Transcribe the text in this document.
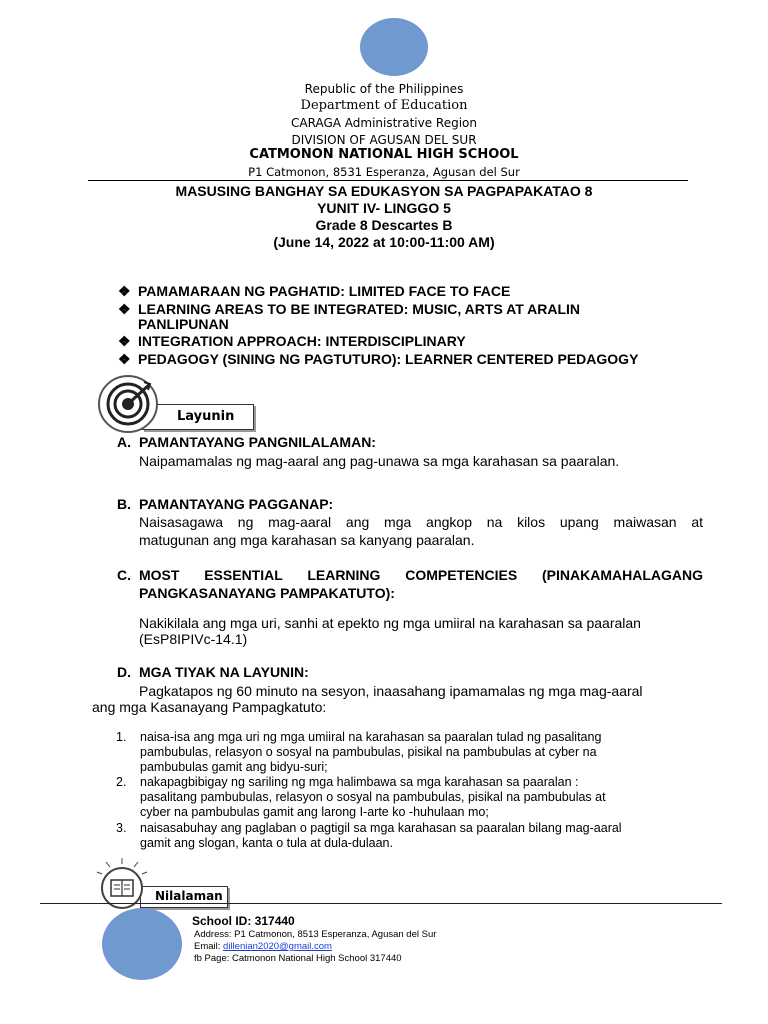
Republic of the Philippines
Department of Education
CARAGA Administrative Region
DIVISION OF AGUSAN DEL SUR
CATMONON NATIONAL HIGH SCHOOL
P1 Catmonon, 8531 Esperanza, Agusan del Sur
MASUSING BANGHAY SA EDUKASYON SA PAGPAPAKATAO 8
YUNIT IV- LINGGO 5
Grade 8 Descartes B
(June 14, 2022 at 10:00-11:00 AM)
❖ PAMAMARAAN NG PAGHATID: LIMITED FACE TO FACE
❖ LEARNING AREAS TO BE INTEGRATED: MUSIC, ARTS AT ARALIN
PANLIPUNAN
❖ INTEGRATION APPROACH: INTERDISCIPLINARY
❖ PEDAGOGY (SINING NG PAGTUTURO): LEARNER CENTERED PEDAGOGY
Layunin
A. PAMANTAYANG PANGNILALAMAN:
Naipamamalas ng mag-aaral ang pag-unawa sa mga karahasan sa paaralan.
B. PAMANTAYANG PAGGANAP:
Naisasagawa ng mag-aaral ang mga angkop na kilos upang maiwasan at
matugunan ang mga karahasan sa kanyang paaralan.
C. MOST ESSENTIAL LEARNING COMPETENCIES (PINAKAMAHALAGANG
PANGKASANAYANG PAMPAKATUTO):
Nakikilala ang mga uri, sanhi at epekto ng mga umiiral na karahasan sa paaralan
(EsP8IPIVc-14.1)
D. MGA TIYAK NA LAYUNIN:
Pagkatapos ng 60 minuto na sesyon, inaasahang ipamamalas ng mga mag-aaral
ang mga Kasanayang Pampagkatuto:
1. naisa-isa ang mga uri ng mga umiiral na karahasan sa paaralan tulad ng pasalitang
pambubulas, relasyon o sosyal na pambubulas, pisikal na pambubulas at cyber na
pambubulas gamit ang bidyu-suri;
2. nakapagbibigay ng sariling ng mga halimbawa sa mga karahasan sa paaralan :
pasalitang pambubulas, relasyon o sosyal na pambubulas, pisikal na pambubulas at
cyber na pambubulas gamit ang larong I-arte ko -huhulaan mo;
3. naisasabuhay ang paglaban o pagtigil sa mga karahasan sa paaralan bilang mag-aaral
gamit ang slogan, kanta o tula at dula-dulaan.
Nilalaman
School ID: 317440
Address: P1 Catmonon, 8513 Esperanza, Agusan del Sur
Email: dillenian2020@gmail.com
fb Page: Catmonon National High School 317440
